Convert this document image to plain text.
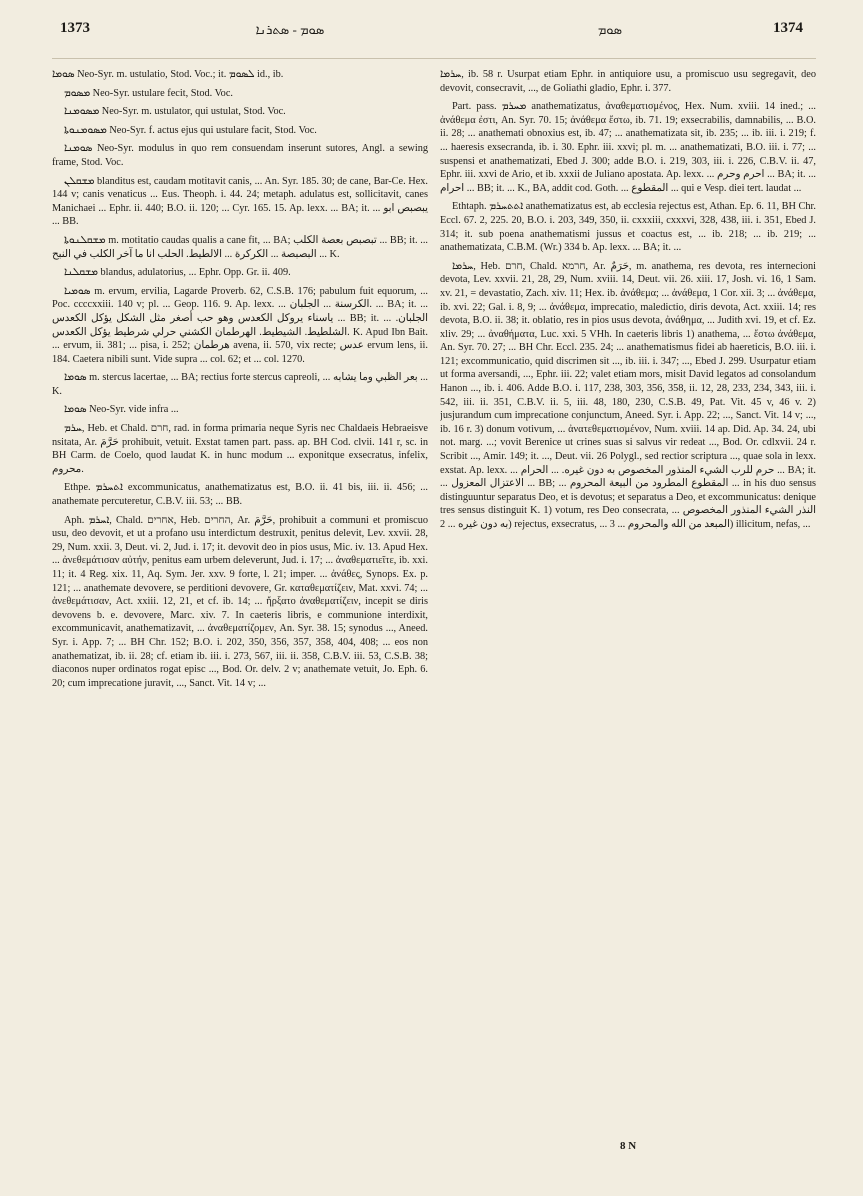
1373	ܣܘܡ - ܣܬܪܢܐ	ܣܘܡ	1374

ܣܘܡܐ Neo-Syr. m. ustulatio, Stod. Voc.; it. ܠܣܘܡ id., ib.

ܡܣܘܡ Neo-Syr. ustulare fecit, Stod. Voc.

ܡܣܘܡܢܐ Neo-Syr. m. ustulator, qui ustulat, Stod. Voc.

ܡܣܘܡܢܘܬܐ Neo-Syr. f. actus ejus qui ustulare facit, Stod. Voc.

ܣܘܡܢܐ Neo-Syr. modulus in quo rem consuendam inserunt sutores, Angl. a sewing frame, Stod. Voc.

ܡܫܩܠܢ blanditus est, caudam motitavit canis, ... An. Syr. 185. 30; de cane, Bar-Ce. Hex. 144 v; canis venaticus ... Eus. Theoph. i. 44. 24; metaph. adulatus est, sollicitavit, canes Manichaei ... Ephr. ii. 440; B.O. ii. 120; ... Cyr. 165. 15. Ap. lexx. ... BA; it. ... يبصبص ابو ... BB.

ܡܫܩܠܢܘܬܐ m. motitatio caudas qualis a cane fit, ... BA; تبصبص بعصة الكلب ... BB; it. ... البصبصة ... الكركرة ... الالطيط. الحلب انا ما آخر الكلب في النبح ... K.

ܡܫܩܠܢܐ blandus, adulatorius, ... Ephr. Opp. Gr. ii. 409.

ܣܘܡܝܐ m. ervum, ervilia, Lagarde Proverb. 62, C.S.B. 176; pabulum fuit equorum, ... Poc. ccccxxiii. 140 v; pl. ... Geop. 116. 9. Ap. lexx. ... الكرسنة ... الجلبان. ... BA; it. ... ياسناء يروكل الكعدس وهو حب أصغر مثل الشكل يؤكل الكعدس ... BB; it. ... الجلبان. الشلطيط. الشيطيط. الهرطمان الكشني حرلي شرطيط يؤكل الكعدس. K. Apud Ibn Bait. ... ervum, ii. 381; ... pisa, i. 252; هرطمان avena, ii. 570, vix recte; عدس ervum lens, ii. 184. Caetera nibili sunt. Vide supra ... col. 62; et ... col. 1270.

ܣܘܡܐ m. stercus lacertae, ... BA; rectius forte stercus capreoli, ... بعر الظبي وما يشابه ... K.

ܣܘܡܐ Neo-Syr. vide infra ...

ܚܪܡ, Heb. et Chald. חרם, rad. in forma primaria neque Syris nec Chaldaeis Hebraeisve nsitata, Ar. حَرَّمَ prohibuit, vetuit. Exstat tamen part. pass. ap. BH Cod. clvii. 141 r, sc. in BH Carm. de Coelo, quod laudat K. in hunc modum ... exponitque exsecratus, infelix, محروم.

Ethpe. ܐܬܚܪܡ excommunicatus, anathematizatus est, B.O. ii. 41 bis, iii. ii. 456; ... anathemate percuteretur, C.B.V. iii. 53; ... BB.

Aph. ܐܚܪܡ, Chald. אחרים, Heb. החרים, Ar. حَرَّمَ, prohibuit a communi et promiscuo usu, deo devovit, et ut a profano usu interdictum destruxit, penitus delevit, Lev. xxvii. 28, 29, Num. xxii. 3, Deut. vi. 2, Jud. i. 17; it. devovit deo in pios usus, Mic. iv. 13. Apud Hex. ... ἀνεθεμάτισαν αὐτήν, penitus eam urbem deleverunt, Jud. i. 17; ... ἀναθεματιεῖτε, ib. xxi. 11; it. 4 Reg. xix. 11, Aq. Sym. Jer. xxv. 9 forte, l. 21; imper. ... ἀνάθες, Synops. Ex. p. 121; ... anathemate devovere, se perditioni devovere, Gr. καταθεματίζειν, Mat. xxvi. 74; ... ἀνεθεμάτισαν, Act. xxiii. 12, 21, et cf. ib. 14; ... ἤρξατο ἀναθεματίζειν, incepit se diris devovens b. e. devovere, Marc. xiv. 7. In caeteris libris, e communione interdixit, excommunicavit, anathematizavit, ... ἀναθεματίζομεν, An. Syr. 38. 15; synodus ..., Aneed. Syr. i. App. 7; ... BH Chr. 152; B.O. i. 202, 350, 356, 357, 358, 404, 408; ... eos non anathematizat, ib. ii. 28; cf. etiam ib. iii. i. 273, 567, iii. ii. 358, C.B.V. iii. 53, C.S.B. 38; diaconos nuper ordinatos rogat episc ..., Bod. Or. delv. 2 v; anathemate vetuit, Jo. Eph. 6. 20; cum imprecatione juravit, ..., Sanct. Vit. 14 v; ...

ܚܪܡܐ, ib. 58 r. Usurpat etiam Ephr. in antiquiore usu, a promiscuo usu segregavit, deo devovit, consecravit, ..., de Goliathi gladio, Ephr. i. 377.

Part. pass. ܡܚܪܡ anathematizatus, ἀναθεματισμένος, Hex. Num. xviii. 14 ined.; ... ἀνάθεμα ἐστι, An. Syr. 70. 15; ἀνάθεμα ἔστω, ib. 71. 19; exsecrabilis, damnabilis, ... B.O. ii. 28; ... anathemati obnoxius est, ib. 47; ... anathematizata sit, ib. 235; ... ib. iii. i. 219; f. ... haeresis exsecranda, ib. i. 30. Ephr. iii. xxvi; pl. m. ... anathematizati, B.O. iii. i. 77; ... suspensi et anathematizati, Ebed J. 300; adde B.O. i. 219, 303, iii. i. 226, C.B.V. ii. 47, Ephr. iii. xxvi de Ario, et ib. xxxii de Juliano apostata. Ap. lexx. ... احرم وحرم ... BA; it. ... احرام ... BB; it. ... K., BA, addit cod. Goth. ... المقطوع ... qui e Vesp. diei tert. laudat ...

Ethtaph. ܐܬܬܚܪܡ anathematizatus est, ab ecclesia rejectus est, Athan. Ep. 6. 11, BH Chr. Eccl. 67. 2, 225. 20, B.O. i. 203, 349, 350, ii. cxxxiii, cxxxvi, 328, 438, iii. i. 351, Ebed J. 314; it. sub poena anathematismi jussus et coactus est, ... ib. 218; ... ib. 219; ... anathematizata, C.B.M. (Wr.) 334 b. Ap. lexx. ... BA; it. ...

ܚܪܡܐ, Heb. חרם, Chald. חרמא, Ar. حَرَمٌ, m. anathema, res devota, res internecioni devota, Lev. xxvii. 21, 28, 29, Num. xviii. 14, Deut. vii. 26. xiii. 17, Josh. vi. 16, 1 Sam. xv. 21, = devastatio, Zach. xiv. 11; Hex. ib. ἀνάθεμα; ... ἀνάθεμα, 1 Cor. xii. 3; ... ἀνάθεμα, ib. xvi. 22; Gal. i. 8, 9; ... ἀνάθεμα, imprecatio, maledictio, diris devota, Act. xxiii. 14; res devota, B.O. ii. 38; it. oblatio, res in pios usus devota, ἀνάθημα, ... Judith xvi. 19, et cf. Ez. xliv. 29; ... ἀναθήματα, Luc. xxi. 5 VHh. In caeteris libris 1) anathema, ... ἔστω ἀνάθεμα, An. Syr. 70. 27; ... BH Chr. Eccl. 235. 24; ... anathematismus fidei ab haereticis, B.O. iii. i. 121; excommunicatio, quid discrimen sit ..., ib. iii. i. 347; ..., Ebed J. 299. Usurpatur etiam ut forma aversandi, ..., Ephr. iii. 22; valet etiam mors, misit David legatos ad consolandum Hanon ..., ib. i. 406. Adde B.O. i. 117, 238, 303, 356, 358, ii. 12, 28, 233, 234, 343, iii. i. 542, iii. ii. 351, C.B.V. ii. 5, iii. 48, 180, 230, C.S.B. 49, Pat. Vit. 45 v, 46 v. 2) jusjurandum cum imprecatione conjunctum, Aneed. Syr. i. App. 22; ..., Sanct. Vit. 14 v; ..., ib. 16 r. 3) donum votivum, ... ἀνατεθεματισμένον, Num. xviii. 14 ap. Did. Ap. 34. 24, ubi not. marg. ...; vovit Berenice ut crines suas si salvus vir redeat ..., Bod. Or. cdlxvii. 24 r. Scribit ..., Amir. 149; it. ..., Deut. vii. 26 Polygl., sed rectior scriptura ..., quae sola in lexx. exstat. Ap. lexx. ... حرم للرب الشيء المنذور المخصوص به دون غيره. ... الحرام ... BA; it. ... الاعتزال المعزول ... BB; ... المقطوع المطرود من البيعة المحروم ... in his duo sensus distinguuntur separatus Deo, et is devotus; et separatus a Deo, et excommunicatus: denique tres sensus distinguit K. 1) votum, res Deo consecrata, ... النذر الشيء المنذور المخصوص به دون غيره ... 2) rejectus, exsecratus, ... المبعد من الله والمحروم ... 3) illicitum, nefas, ...

8 N
